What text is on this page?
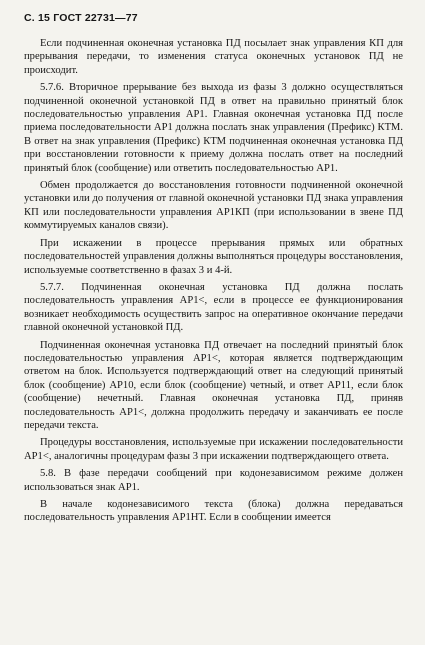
С. 15 ГОСТ 22731—77

Если подчиненная оконечная установка ПД посылает знак управления КП для прерывания передачи, то изменения статуса оконечных установок ПД не происходит.

5.7.6. Вторичное прерывание без выхода из фазы 3 должно осуществляться подчиненной оконечной установкой ПД в ответ на правильно принятый блок последовательностью управления АР1. Главная оконечная установка ПД после приема последовательности АР1 должна послать знак управления (Префикс) КТМ. В ответ на знак управления (Префикс) КТМ подчиненная оконечная установка ПД при восстановлении готовности к приему должна послать ответ на последний принятый блок (сообщение) или ответить последовательностью АР1.

Обмен продолжается до восстановления готовности подчиненной оконечной установки или до получения от главной оконечной установки ПД знака управления КП или последовательности управления АР1КП (при использовании в звене ПД коммутируемых каналов связи).

При искажении в процессе прерывания прямых или обратных последовательностей управления должны выполняться процедуры восстановления, используемые соответственно в фазах 3 и 4-й.

5.7.7. Подчиненная оконечная установка ПД должна послать последовательность управления АР1<, если в процессе ее функционирования возникает необходимость осуществить запрос на оперативное окончание передачи главной оконечной установкой ПД.

Подчиненная оконечная установка ПД отвечает на последний принятый блок последовательностью управления АР1<, которая является подтверждающим ответом на блок. Используется подтверждающий ответ на следующий принятый блок (сообщение) АР10, если блок (сообщение) четный, и ответ АР11, если блок (сообщение) нечетный. Главная оконечная установка ПД, приняв последовательность АР1<, должна продолжить передачу и заканчивать ее после передачи текста.

Процедуры восстановления, используемые при искажении последовательности АР1<, аналогичны процедурам фазы 3 при искажении подтверждающего ответа.

5.8. В фазе передачи сообщений при кодонезависимом режиме должен использоваться знак АР1.

В начале кодонезависимого текста (блока) должна передаваться последовательность управления АР1НТ. Если в сообщении имеется
